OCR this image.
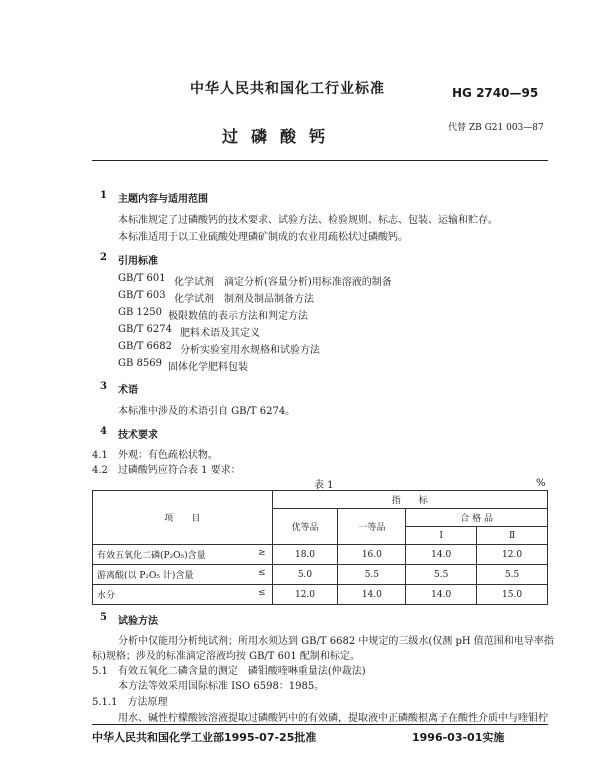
中华人民共和国化工行业标准	HG 2740—95
过磷酸钙	代替 ZB G21 003—87
1 主题内容与适用范围
本标准规定了过磷酸钙的技术要求、试验方法、检验规则、标志、包装、运输和贮存。
本标准适用于以工业硫酸处理磷矿制成的农业用疏松状过磷酸钙。
2 引用标准
GB/T 601 化学试剂　滴定分析(容量分析)用标准溶液的制备
GB/T 603 化学试剂　制剂及制品制备方法
GB 1250 极限数值的表示方法和判定方法
GB/T 6274 肥料术语及其定义
GB/T 6682 分析实验室用水规格和试验方法
GB 8569 固体化学肥料包装
3 术语
本标准中涉及的术语引自 GB/T 6274。
4 技术要求
4.1　外观：有色疏松状物。
4.2　过磷酸钙应符合表 1 要求：
表 1	%
项　　目	指　　标			
	优等品	一等品	合 格 品	
			Ⅰ	Ⅱ
有效五氧化二磷(P₂O₅)含量 ≥	18.0	16.0	14.0	12.0
游离酸(以 P₂O₅ 计)含量 ≤	5.0	5.5	5.5	5.5
水分 ≤	12.0	14.0	14.0	15.0
5 试验方法
分析中仅能用分析纯试剂；所用水须达到 GB/T 6682 中规定的三级水(仅测 pH 值范围和电导率指
标)规格；涉及的标准滴定溶液均按 GB/T 601 配制和标定。
5.1　有效五氧化二磷含量的测定　磷钼酸喹啉重量法(仲裁法)
本方法等效采用国际标准 ISO 6598：1985。
5.1.1　方法原理
用水、碱性柠檬酸铵溶液提取过磷酸钙中的有效磷，提取液中正磷酸根离子在酸性介质中与喹钼柠
中华人民共和国化学工业部1995-07-25批准	1996-03-01实施
